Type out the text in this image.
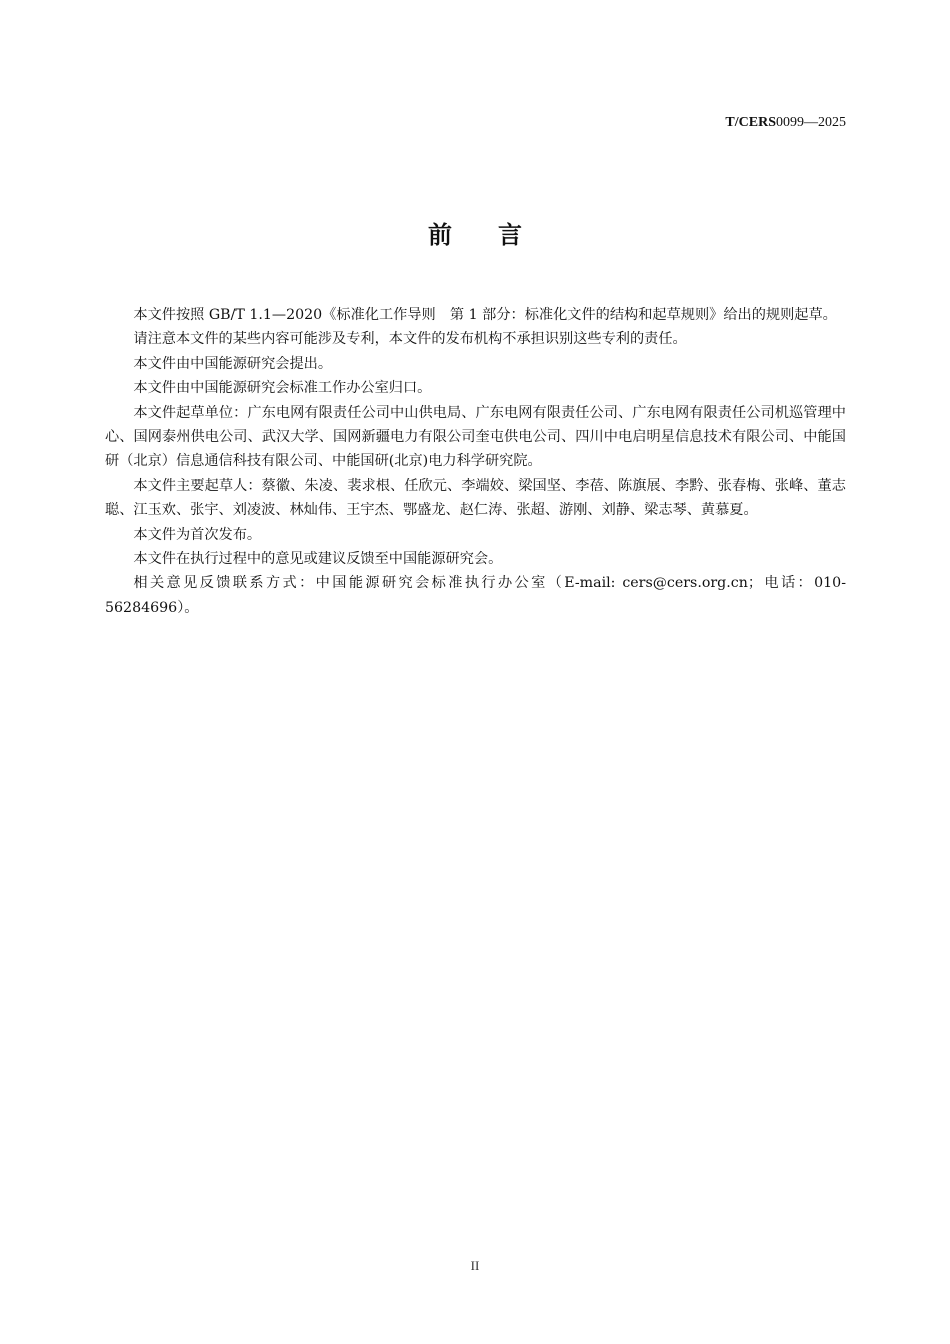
T/CERS0099—2025
前言

本文件按照 GB/T 1.1—2020《标准化工作导则　第 1 部分：标准化文件的结构和起草规则》给出的规则起草。

请注意本文件的某些内容可能涉及专利，本文件的发布机构不承担识别这些专利的责任。

本文件由中国能源研究会提出。

本文件由中国能源研究会标准工作办公室归口。

本文件起草单位：广东电网有限责任公司中山供电局、广东电网有限责任公司、广东电网有限责任公司机巡管理中心、国网泰州供电公司、武汉大学、国网新疆电力有限公司奎屯供电公司、四川中电启明星信息技术有限公司、中能国研（北京）信息通信科技有限公司、中能国研(北京)电力科学研究院。

本文件主要起草人：蔡徽、朱凌、裴求根、任欣元、李端姣、梁国坚、李蓓、陈旗展、李黔、张春梅、张峰、董志聪、江玉欢、张宇、刘凌波、林灿伟、王宇杰、鄂盛龙、赵仁涛、张超、游刚、刘静、梁志琴、黄慕夏。

本文件为首次发布。

本文件在执行过程中的意见或建议反馈至中国能源研究会。

相关意见反馈联系方式：中国能源研究会标准执行办公室（E-mail: cers@cers.org.cn；电话：010-56284696）。

II
